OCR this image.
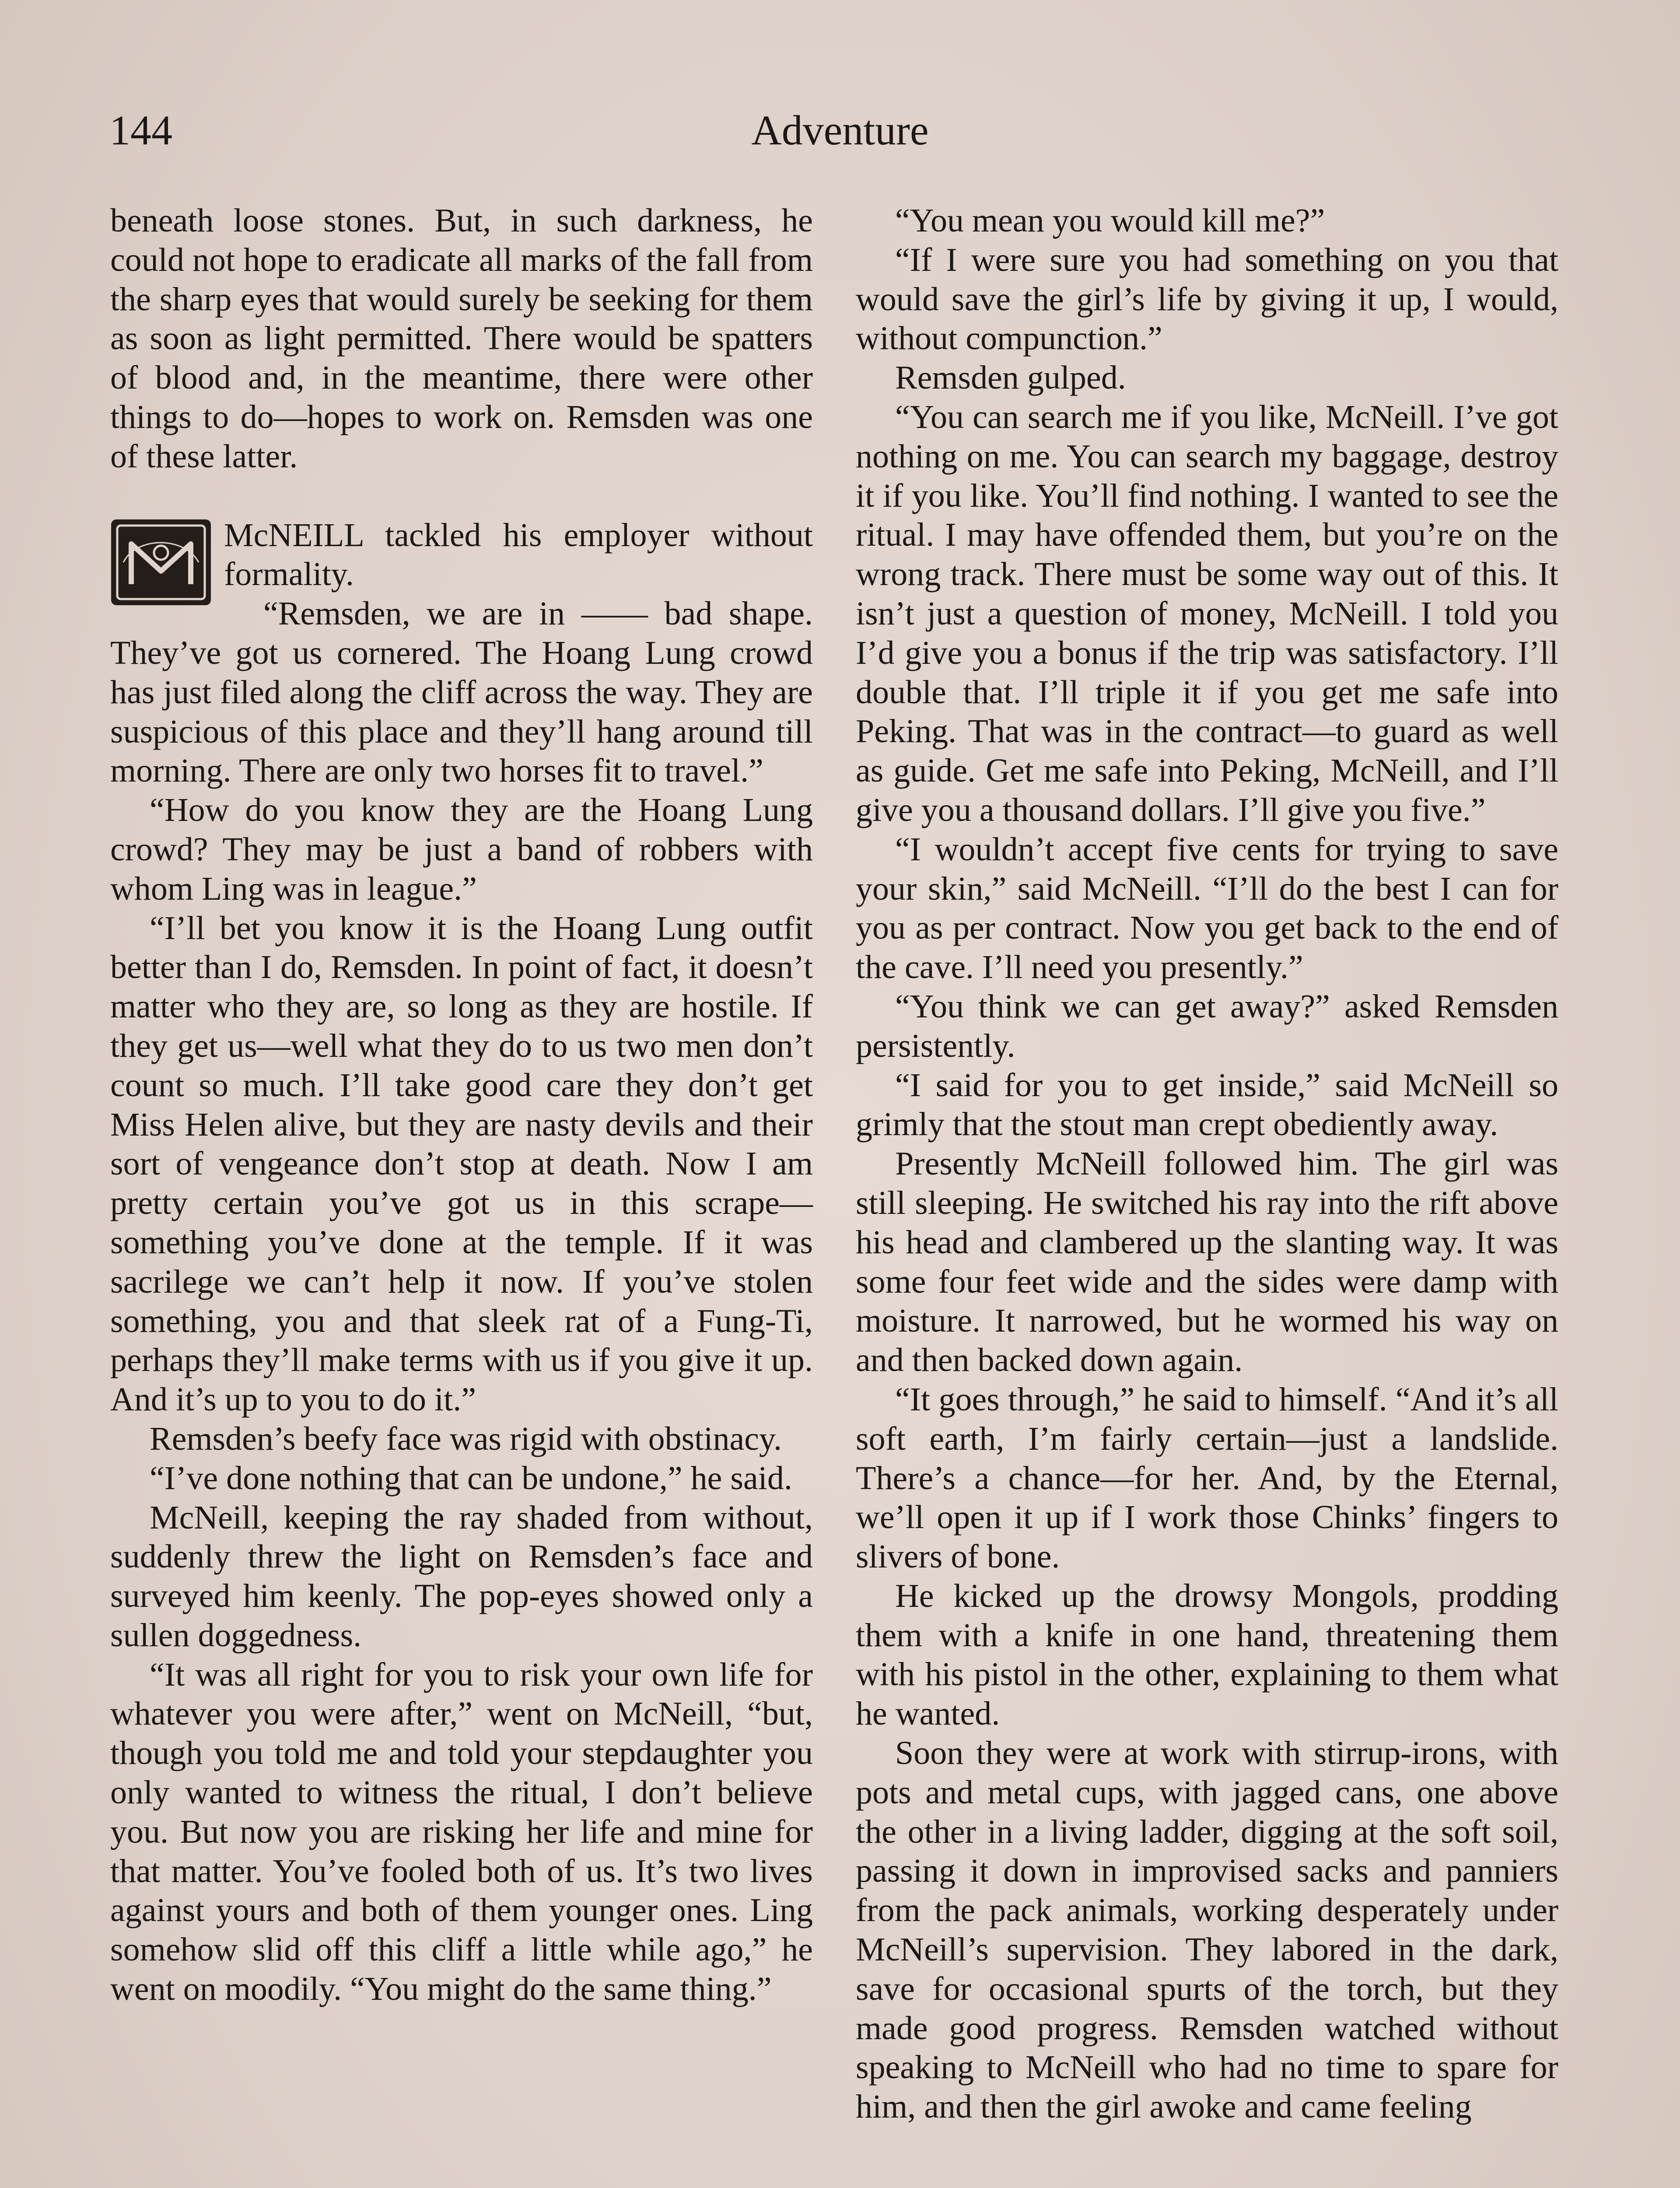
144	Adventure

beneath loose stones. But, in such darkness, he could not hope to eradicate all marks of the fall from the sharp eyes that would surely be seeking for them as soon as light permitted. There would be spatters of blood and, in the meantime, there were other things to do—hopes to work on. Remsden was one of these latter.

McNEILL tackled his employer without formality.

“Remsden, we are in —— bad shape. They’ve got us cornered. The Hoang Lung crowd has just filed along the cliff across the way. They are suspicious of this place and they’ll hang around till morning. There are only two horses fit to travel.”

“How do you know they are the Hoang Lung crowd? They may be just a band of robbers with whom Ling was in league.”

“I’ll bet you know it is the Hoang Lung outfit better than I do, Remsden. In point of fact, it doesn’t matter who they are, so long as they are hostile. If they get us—well what they do to us two men don’t count so much. I’ll take good care they don’t get Miss Helen alive, but they are nasty devils and their sort of vengeance don’t stop at death. Now I am pretty certain you’ve got us in this scrape—something you’ve done at the temple. If it was sacrilege we can’t help it now. If you’ve stolen something, you and that sleek rat of a Fung-Ti, perhaps they’ll make terms with us if you give it up. And it’s up to you to do it.”

Remsden’s beefy face was rigid with obstinacy.

“I’ve done nothing that can be undone,” he said.

McNeill, keeping the ray shaded from without, suddenly threw the light on Remsden’s face and surveyed him keenly. The pop-eyes showed only a sullen doggedness.

“It was all right for you to risk your own life for whatever you were after,” went on McNeill, “but, though you told me and told your stepdaughter you only wanted to witness the ritual, I don’t believe you. But now you are risking her life and mine for that matter. You’ve fooled both of us. It’s two lives against yours and both of them younger ones. Ling somehow slid off this cliff a little while ago,” he went on moodily. “You might do the same thing.”

“You mean you would kill me?”

“If I were sure you had something on you that would save the girl’s life by giving it up, I would, without compunction.”

Remsden gulped.

“You can search me if you like, McNeill. I’ve got nothing on me. You can search my baggage, destroy it if you like. You’ll find nothing. I wanted to see the ritual. I may have offended them, but you’re on the wrong track. There must be some way out of this. It isn’t just a question of money, McNeill. I told you I’d give you a bonus if the trip was satisfactory. I’ll double that. I’ll triple it if you get me safe into Peking. That was in the contract—to guard as well as guide. Get me safe into Peking, McNeill, and I’ll give you a thousand dollars. I’ll give you five.”

“I wouldn’t accept five cents for trying to save your skin,” said McNeill. “I’ll do the best I can for you as per contract. Now you get back to the end of the cave. I’ll need you presently.”

“You think we can get away?” asked Remsden persistently.

“I said for you to get inside,” said McNeill so grimly that the stout man crept obediently away.

Presently McNeill followed him. The girl was still sleeping. He switched his ray into the rift above his head and clambered up the slanting way. It was some four feet wide and the sides were damp with moisture. It narrowed, but he wormed his way on and then backed down again.

“It goes through,” he said to himself. “And it’s all soft earth, I’m fairly certain—just a landslide. There’s a chance—for her. And, by the Eternal, we’ll open it up if I work those Chinks’ fingers to slivers of bone.

He kicked up the drowsy Mongols, prodding them with a knife in one hand, threatening them with his pistol in the other, explaining to them what he wanted.

Soon they were at work with stirrup-irons, with pots and metal cups, with jagged cans, one above the other in a living ladder, digging at the soft soil, passing it down in improvised sacks and panniers from the pack animals, working desperately under McNeill’s supervision. They labored in the dark, save for occasional spurts of the torch, but they made good progress. Remsden watched without speaking to McNeill who had no time to spare for him, and then the girl awoke and came feeling
